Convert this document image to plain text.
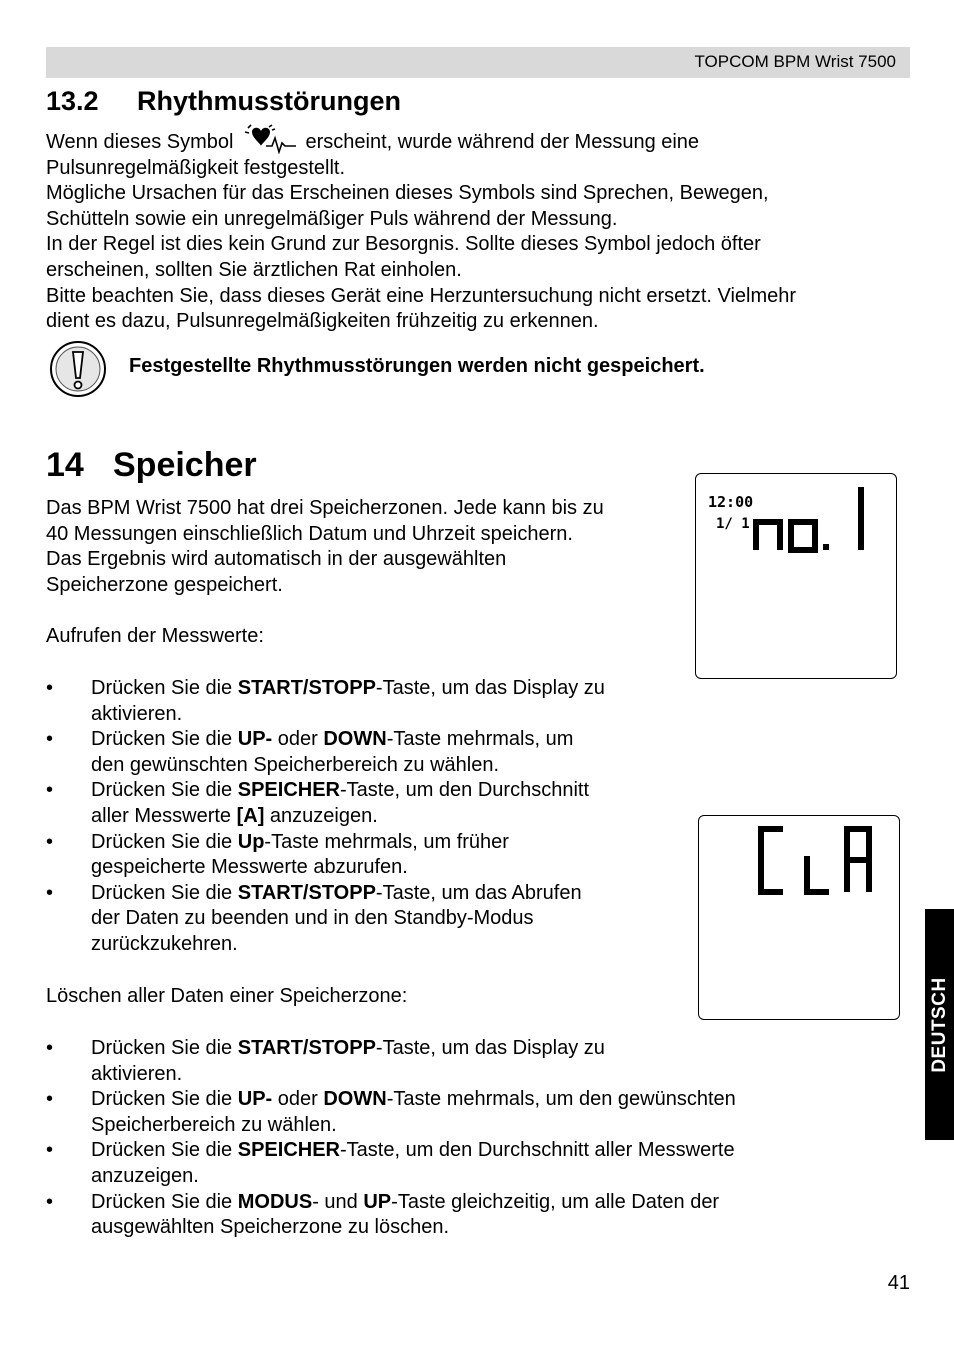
TOPCOM BPM Wrist 7500
13.2 Rhythmusstörungen

Wenn dieses Symbol	erscheint, wurde während der Messung eine

Pulsunregelmäßigkeit festgestellt.

Mögliche Ursachen für das Erscheinen dieses Symbols sind Sprechen, Bewegen,

Schütteln sowie ein unregelmäßiger Puls während der Messung.

In der Regel ist dies kein Grund zur Besorgnis. Sollte dieses Symbol jedoch öfter

erscheinen, sollten Sie ärztlichen Rat einholen.

Bitte beachten Sie, dass dieses Gerät eine Herzuntersuchung nicht ersetzt. Vielmehr

dient es dazu, Pulsunregelmäßigkeiten frühzeitig zu erkennen.

Festgestellte Rhythmusstörungen werden nicht gespeichert.
14 Speicher

Das BPM Wrist 7500 hat drei Speicherzonen. Jede kann bis zu

40 Messungen einschließlich Datum und Uhrzeit speichern.

Das Ergebnis wird automatisch in der ausgewählten

Speicherzone gespeichert.

Aufrufen der Messwerte:
• Drücken Sie die START/STOPP-Taste, um das Display zu
aktivieren.
• Drücken Sie die UP- oder DOWN-Taste mehrmals, um
den gewünschten Speicherbereich zu wählen.
• Drücken Sie die SPEICHER-Taste, um den Durchschnitt
aller Messwerte [A] anzuzeigen.
• Drücken Sie die Up-Taste mehrmals, um früher
gespeicherte Messwerte abzurufen.
• Drücken Sie die START/STOPP-Taste, um das Abrufen
der Daten zu beenden und in den Standby-Modus
zurückzukehren.
Löschen aller Daten einer Speicherzone:
• Drücken Sie die START/STOPP-Taste, um das Display zu
aktivieren.
• Drücken Sie die UP- oder DOWN-Taste mehrmals, um den gewünschten
Speicherbereich zu wählen.
• Drücken Sie die SPEICHER-Taste, um den Durchschnitt aller Messwerte
anzuzeigen.
• Drücken Sie die MODUS- und UP-Taste gleichzeitig, um alle Daten der
ausgewählten Speicherzone zu löschen.
12:00
1/ 1
DEUTSCH
41
